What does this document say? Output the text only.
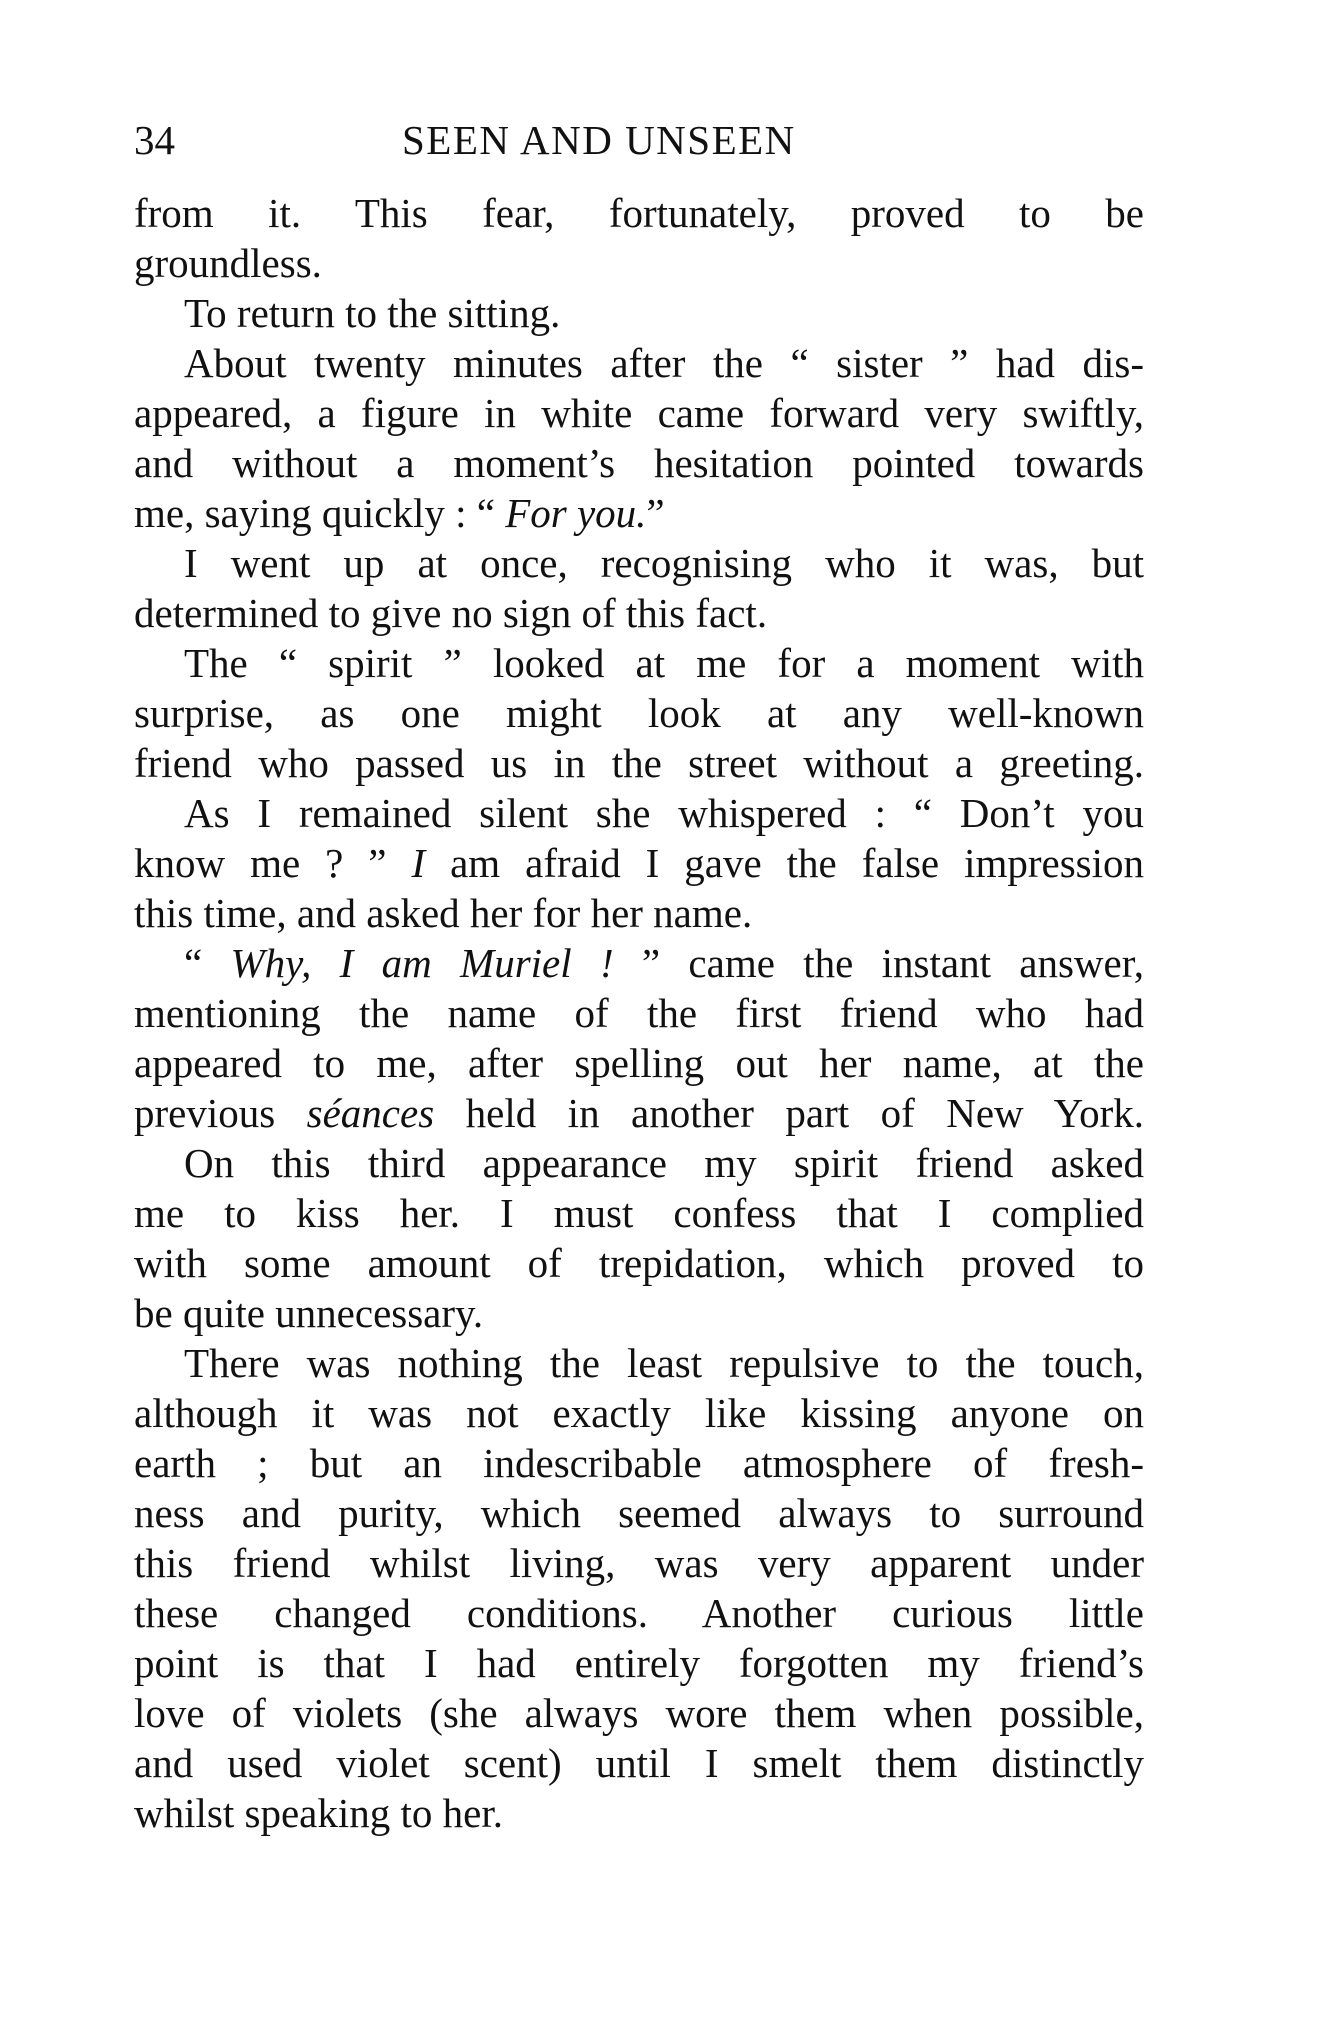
34	SEEN AND UNSEEN
from it. This fear, fortunately, proved to be
groundless.
To return to the sitting.
About twenty minutes after the “ sister ” had dis-
appeared, a figure in white came forward very swiftly,
and without a moment’s hesitation pointed towards
me, saying quickly : “ For you.”
I went up at once, recognising who it was, but
determined to give no sign of this fact.
The “ spirit ” looked at me for a moment with
surprise, as one might look at any well-known
friend who passed us in the street without a greeting.
As I remained silent she whispered : “ Don’t you
know me ? ” I am afraid I gave the false impression
this time, and asked her for her name.
“ Why, I am Muriel ! ” came the instant answer,
mentioning the name of the first friend who had
appeared to me, after spelling out her name, at the
previous séances held in another part of New York.
On this third appearance my spirit friend asked
me to kiss her. I must confess that I complied
with some amount of trepidation, which proved to
be quite unnecessary.
There was nothing the least repulsive to the touch,
although it was not exactly like kissing anyone on
earth ; but an indescribable atmosphere of fresh-
ness and purity, which seemed always to surround
this friend whilst living, was very apparent under
these changed conditions. Another curious little
point is that I had entirely forgotten my friend’s
love of violets (she always wore them when possible,
and used violet scent) until I smelt them distinctly
whilst speaking to her.
